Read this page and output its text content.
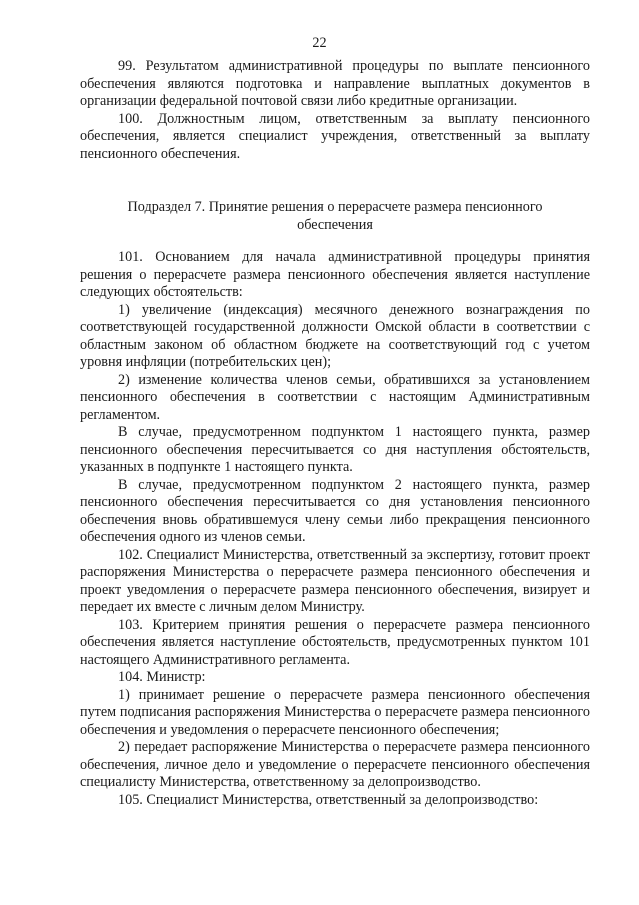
22

99. Результатом административной процедуры по выплате пенсионного обеспечения являются подготовка и направление выплатных документов в организации федеральной почтовой связи либо кредитные организации.

100. Должностным лицом, ответственным за выплату пенсионного обеспечения, является специалист учреждения, ответственный за выплату пенсионного обеспечения.

Подраздел 7. Принятие решения о перерасчете размера пенсионного
обеспечения

101. Основанием для начала административной процедуры принятия решения о перерасчете размера пенсионного обеспечения является наступление следующих обстоятельств:

1) увеличение (индексация) месячного денежного вознаграждения по соответствующей государственной должности Омской области в соответствии с областным законом об областном бюджете на соответствующий год с учетом уровня инфляции (потребительских цен);

2) изменение количества членов семьи, обратившихся за установлением пенсионного обеспечения в соответствии с настоящим Административным регламентом.

В случае, предусмотренном подпунктом 1 настоящего пункта, размер пенсионного обеспечения пересчитывается со дня наступления обстоятельств, указанных в подпункте 1 настоящего пункта.

В случае, предусмотренном подпунктом 2 настоящего пункта, размер пенсионного обеспечения пересчитывается со дня установления пенсионного обеспечения вновь обратившемуся члену семьи либо прекращения пенсионного обеспечения одного из членов семьи.

102. Специалист Министерства, ответственный за экспертизу, готовит проект распоряжения Министерства о перерасчете размера пенсионного обеспечения и проект уведомления о перерасчете размера пенсионного обеспечения, визирует и передает их вместе с личным делом Министру.

103. Критерием принятия решения о перерасчете размера пенсионного обеспечения является наступление обстоятельств, предусмотренных пунктом 101 настоящего Административного регламента.

104. Министр:

1) принимает решение о перерасчете размера пенсионного обеспечения путем подписания распоряжения Министерства о перерасчете размера пенсионного обеспечения и уведомления о перерасчете пенсионного обеспечения;

2) передает распоряжение Министерства о перерасчете размера пенсионного обеспечения, личное дело и уведомление о перерасчете пенсионного обеспечения специалисту Министерства, ответственному за делопроизводство.

105. Специалист Министерства, ответственный за делопроизводство:
